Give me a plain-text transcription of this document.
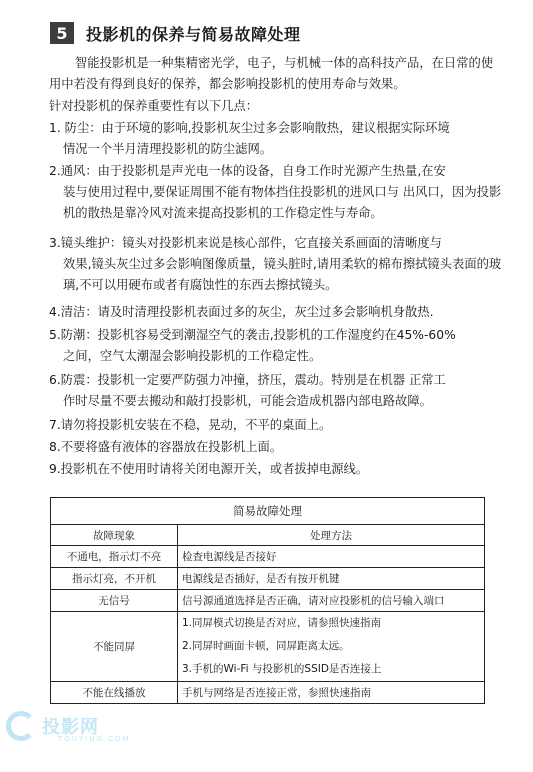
5	投影机的保养与简易故障处理
智能投影机是一种集精密光学，电子，与机械一体的高科技产品，在日常的使用中若没有得到良好的保养，都会影响投影机的使用寿命与效果。
针对投影机的保养重要性有以下几点：
1. 防尘：由于环境的影响,投影机灰尘过多会影响散热，建议根据实际环境
情况一个半月清理投影机的防尘滤网。
2.通风：由于投影机是声光电一体的设备，自身工作时光源产生热量,在安
装与使用过程中,要保证周围不能有物体挡住投影机的进风口与 出风口，因为投影机的散热是靠冷风对流来提高投影机的工作稳定性与寿命。
3.镜头维护：镜头对投影机来说是核心部件，它直接关系画面的清晰度与
效果,镜头灰尘过多会影响图像质量，镜头脏时,请用柔软的棉布擦拭镜头表面的玻璃,不可以用硬布或者有腐蚀性的东西去擦拭镜头。
4.清洁：请及时清理投影机表面过多的灰尘，灰尘过多会影响机身散热.
5.防潮：投影机容易受到潮湿空气的袭击,投影机的工作湿度约在45%-60%
之间，空气太潮湿会影响投影机的工作稳定性。
6.防震：投影机一定要严防强力冲撞，挤压，震动。特别是在机器 正常工
作时尽量不要去搬动和敲打投影机，可能会造成机器内部电路故障。
7.请勿将投影机安装在不稳，晃动，不平的桌面上。
8.不要将盛有液体的容器放在投影机上面。
9.投影机在不使用时请将关闭电源开关，或者拔掉电源线。
简易故障处理	
故障现象	处理方法
不通电，指示灯不亮	检查电源线是否接好
指示灯亮，不开机	电源线是否插好，是否有按开机键
无信号	信号源通道选择是否正确，请对应投影机的信号输入端口
不能同屏	1.同屏模式切换是否对应，请参照快速指南
2.同屏时画面卡顿，同屏距离太远。
3.手机的Wi-Fi 与投影机的SSID是否连接上

不能在线播放	手机与网络是否连接正常，参照快速指南
投影网
TOUYING.COM
